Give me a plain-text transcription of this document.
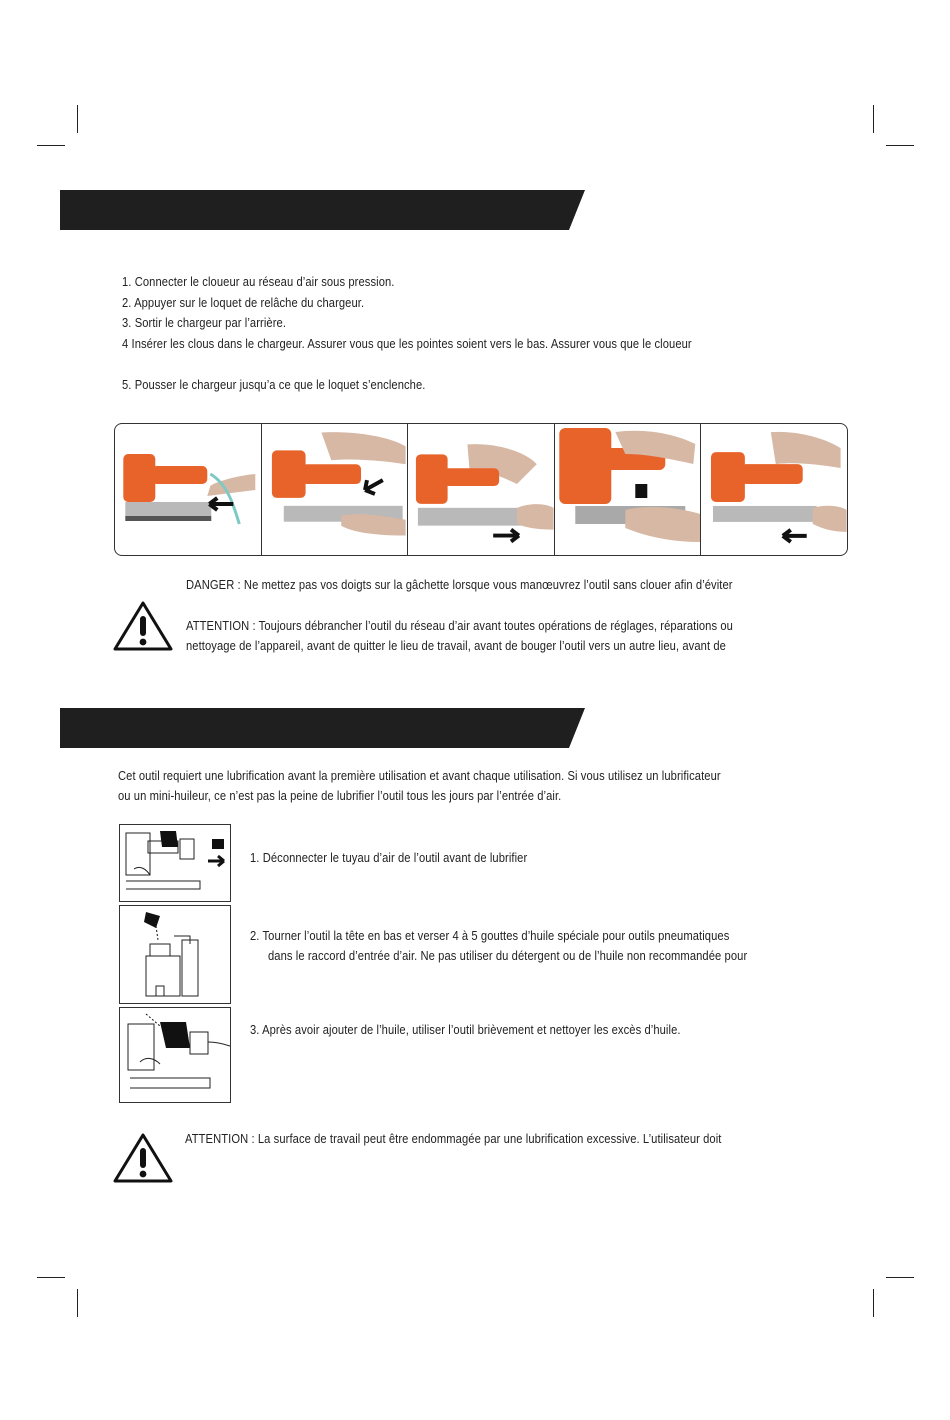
1. Connecter le cloueur au réseau d’air sous pression.

2. Appuyer sur le loquet de relâche du chargeur.

3. Sortir le chargeur par l’arrière.

4 Insérer les clous dans le chargeur. Assurer vous que les pointes soient vers le bas. Assurer vous que le cloueur

5. Pousser le chargeur jusqu’a ce que le loquet s’enclenche.

DANGER : Ne mettez pas vos doigts sur la gâchette lorsque vous manœuvrez l’outil sans clouer afin d’éviter
ATTENTION : Toujours débrancher l’outil du réseau d’air avant toutes opérations de réglages, réparations ou
nettoyage de l’appareil, avant de quitter le lieu de travail, avant de bouger l’outil vers un autre lieu, avant de
Cet outil requiert une lubrification avant la première utilisation et avant chaque utilisation. Si vous utilisez un lubrificateur
ou un mini-huileur, ce n’est pas la peine de lubrifier l’outil tous les jours par l’entrée d’air.
1. Déconnecter le tuyau d’air de l’outil avant de lubrifier
2. Tourner l’outil la tête en bas et verser 4 à 5 gouttes d’huile spéciale pour outils pneumatiques
dans le raccord d’entrée d’air. Ne pas utiliser du détergent ou de l’huile non recommandée pour
3. Après avoir ajouter de l’huile, utiliser l’outil brièvement et nettoyer les excès d’huile.
ATTENTION : La surface de travail peut être endommagée par une lubrification excessive. L’utilisateur doit
